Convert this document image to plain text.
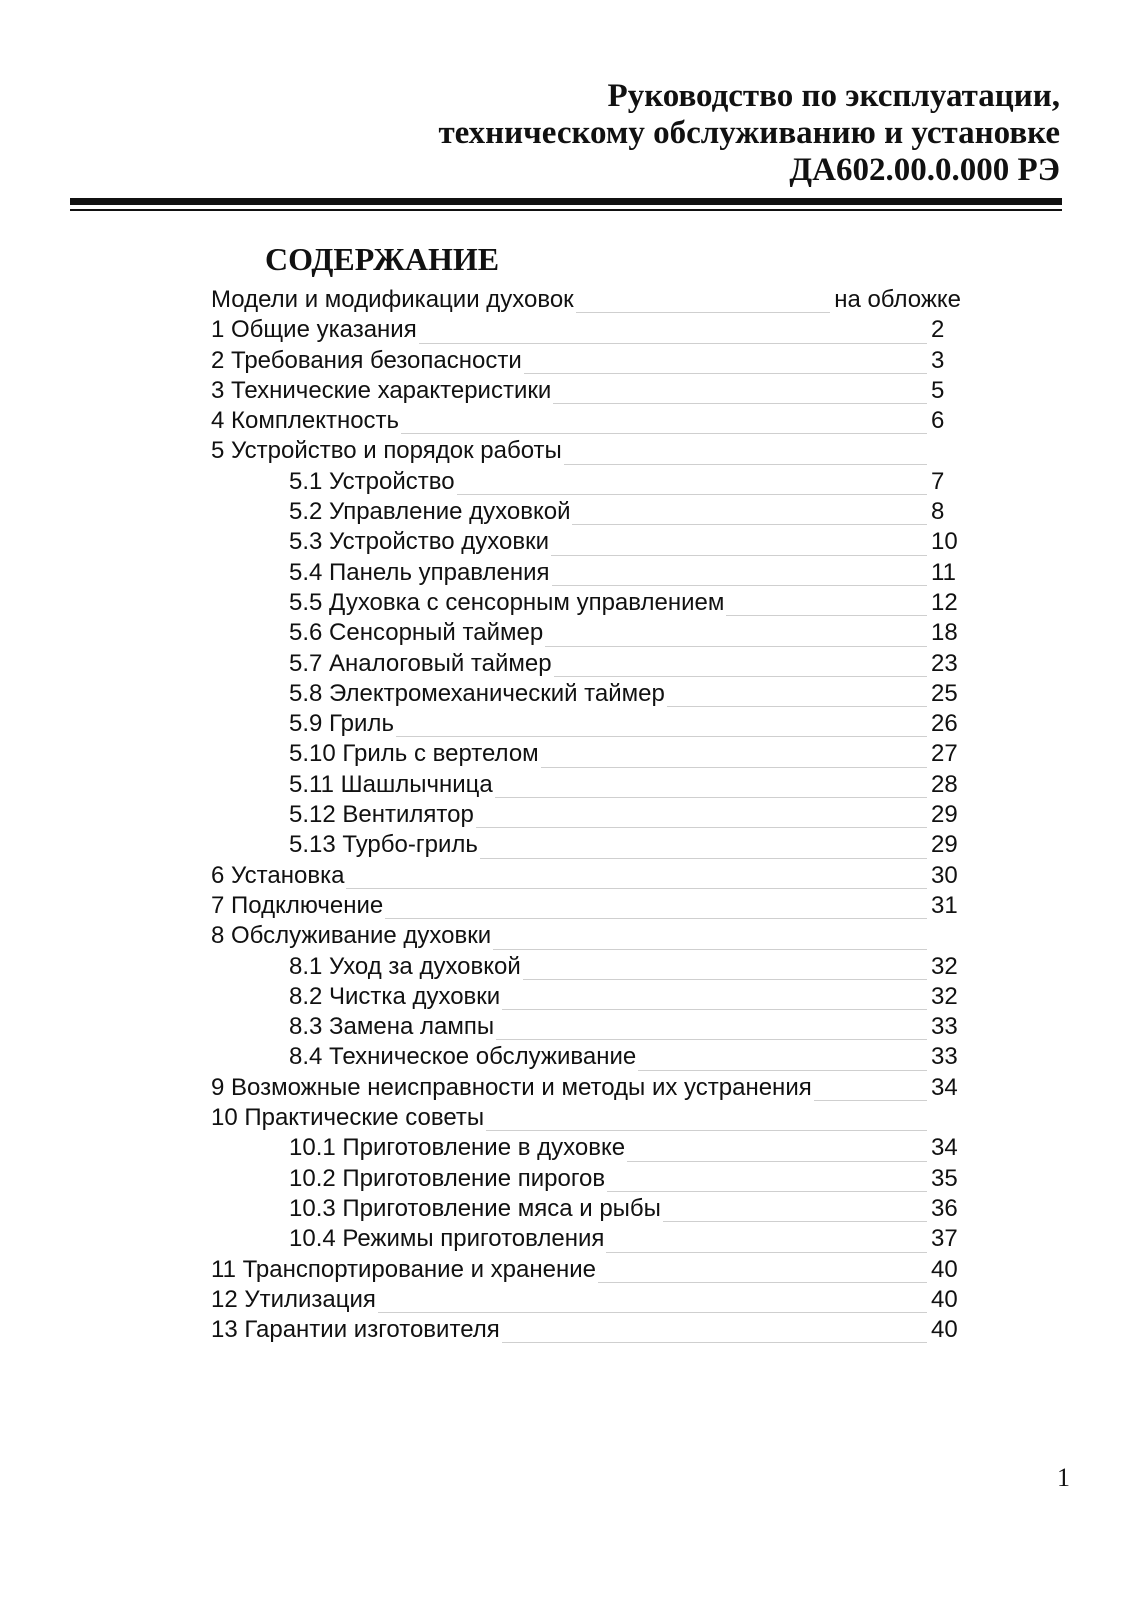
Руководство по эксплуатации,
техническому обслуживанию и установке
ДА602.00.0.000 РЭ
СОДЕРЖАНИЕ
Модели и модификации духовок	на обложке
1 Общие указания	2
2 Требования безопасности	3
3 Технические характеристики	5
4 Комплектность	6
5 Устройство и порядок работы
5.1 Устройство	7
5.2 Управление духовкой	8
5.3 Устройство духовки	10
5.4 Панель управления	11
5.5 Духовка с сенсорным управлением	12
5.6 Сенсорный таймер	18
5.7 Аналоговый таймер	23
5.8 Электромеханический таймер	25
5.9 Гриль	26
5.10 Гриль с вертелом	27
5.11 Шашлычница	28
5.12 Вентилятор	29
5.13 Турбо-гриль	29
6 Установка	30
7 Подключение	31
8 Обслуживание духовки
8.1 Уход за духовкой	32
8.2 Чистка духовки	32
8.3 Замена лампы	33
8.4 Техническое обслуживание	33
9 Возможные неисправности и методы их устранения	34
10 Практические советы
10.1 Приготовление в духовке	34
10.2 Приготовление пирогов	35
10.3 Приготовление мяса и рыбы	36
10.4 Режимы приготовления	37
11 Транспортирование и хранение	40
12 Утилизация	40
13 Гарантии изготовителя	40
1
